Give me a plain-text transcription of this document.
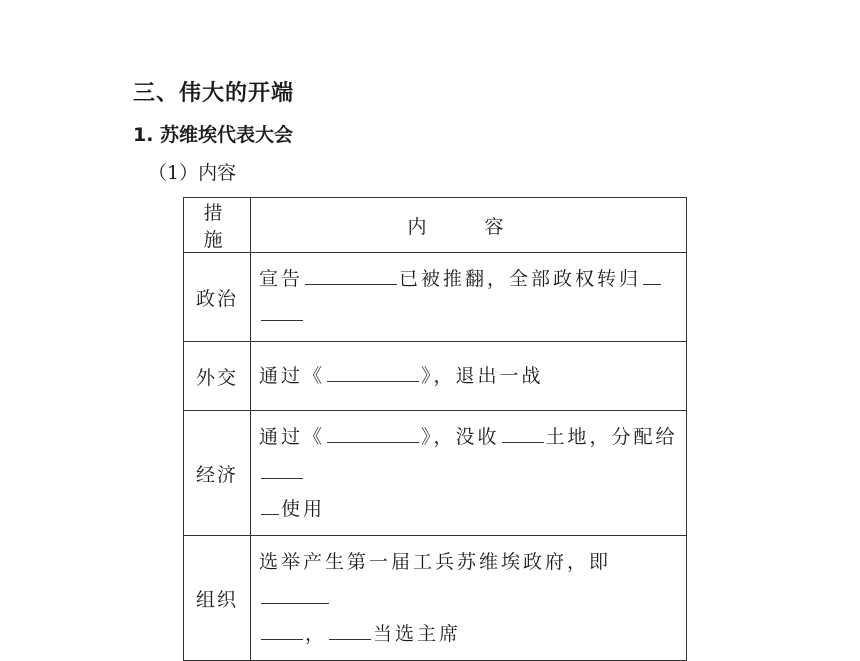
三、伟大的开端
1. 苏维埃代表大会
（1）内容
措 施	内 容
政治	宣告 已被推翻，全部政权转归

外交	通过《 》，退出一战
经济	通过《 》，没收 土地，分配给
使用
组织	选举产生第一届工兵苏维埃政府，即
， 当选主席
